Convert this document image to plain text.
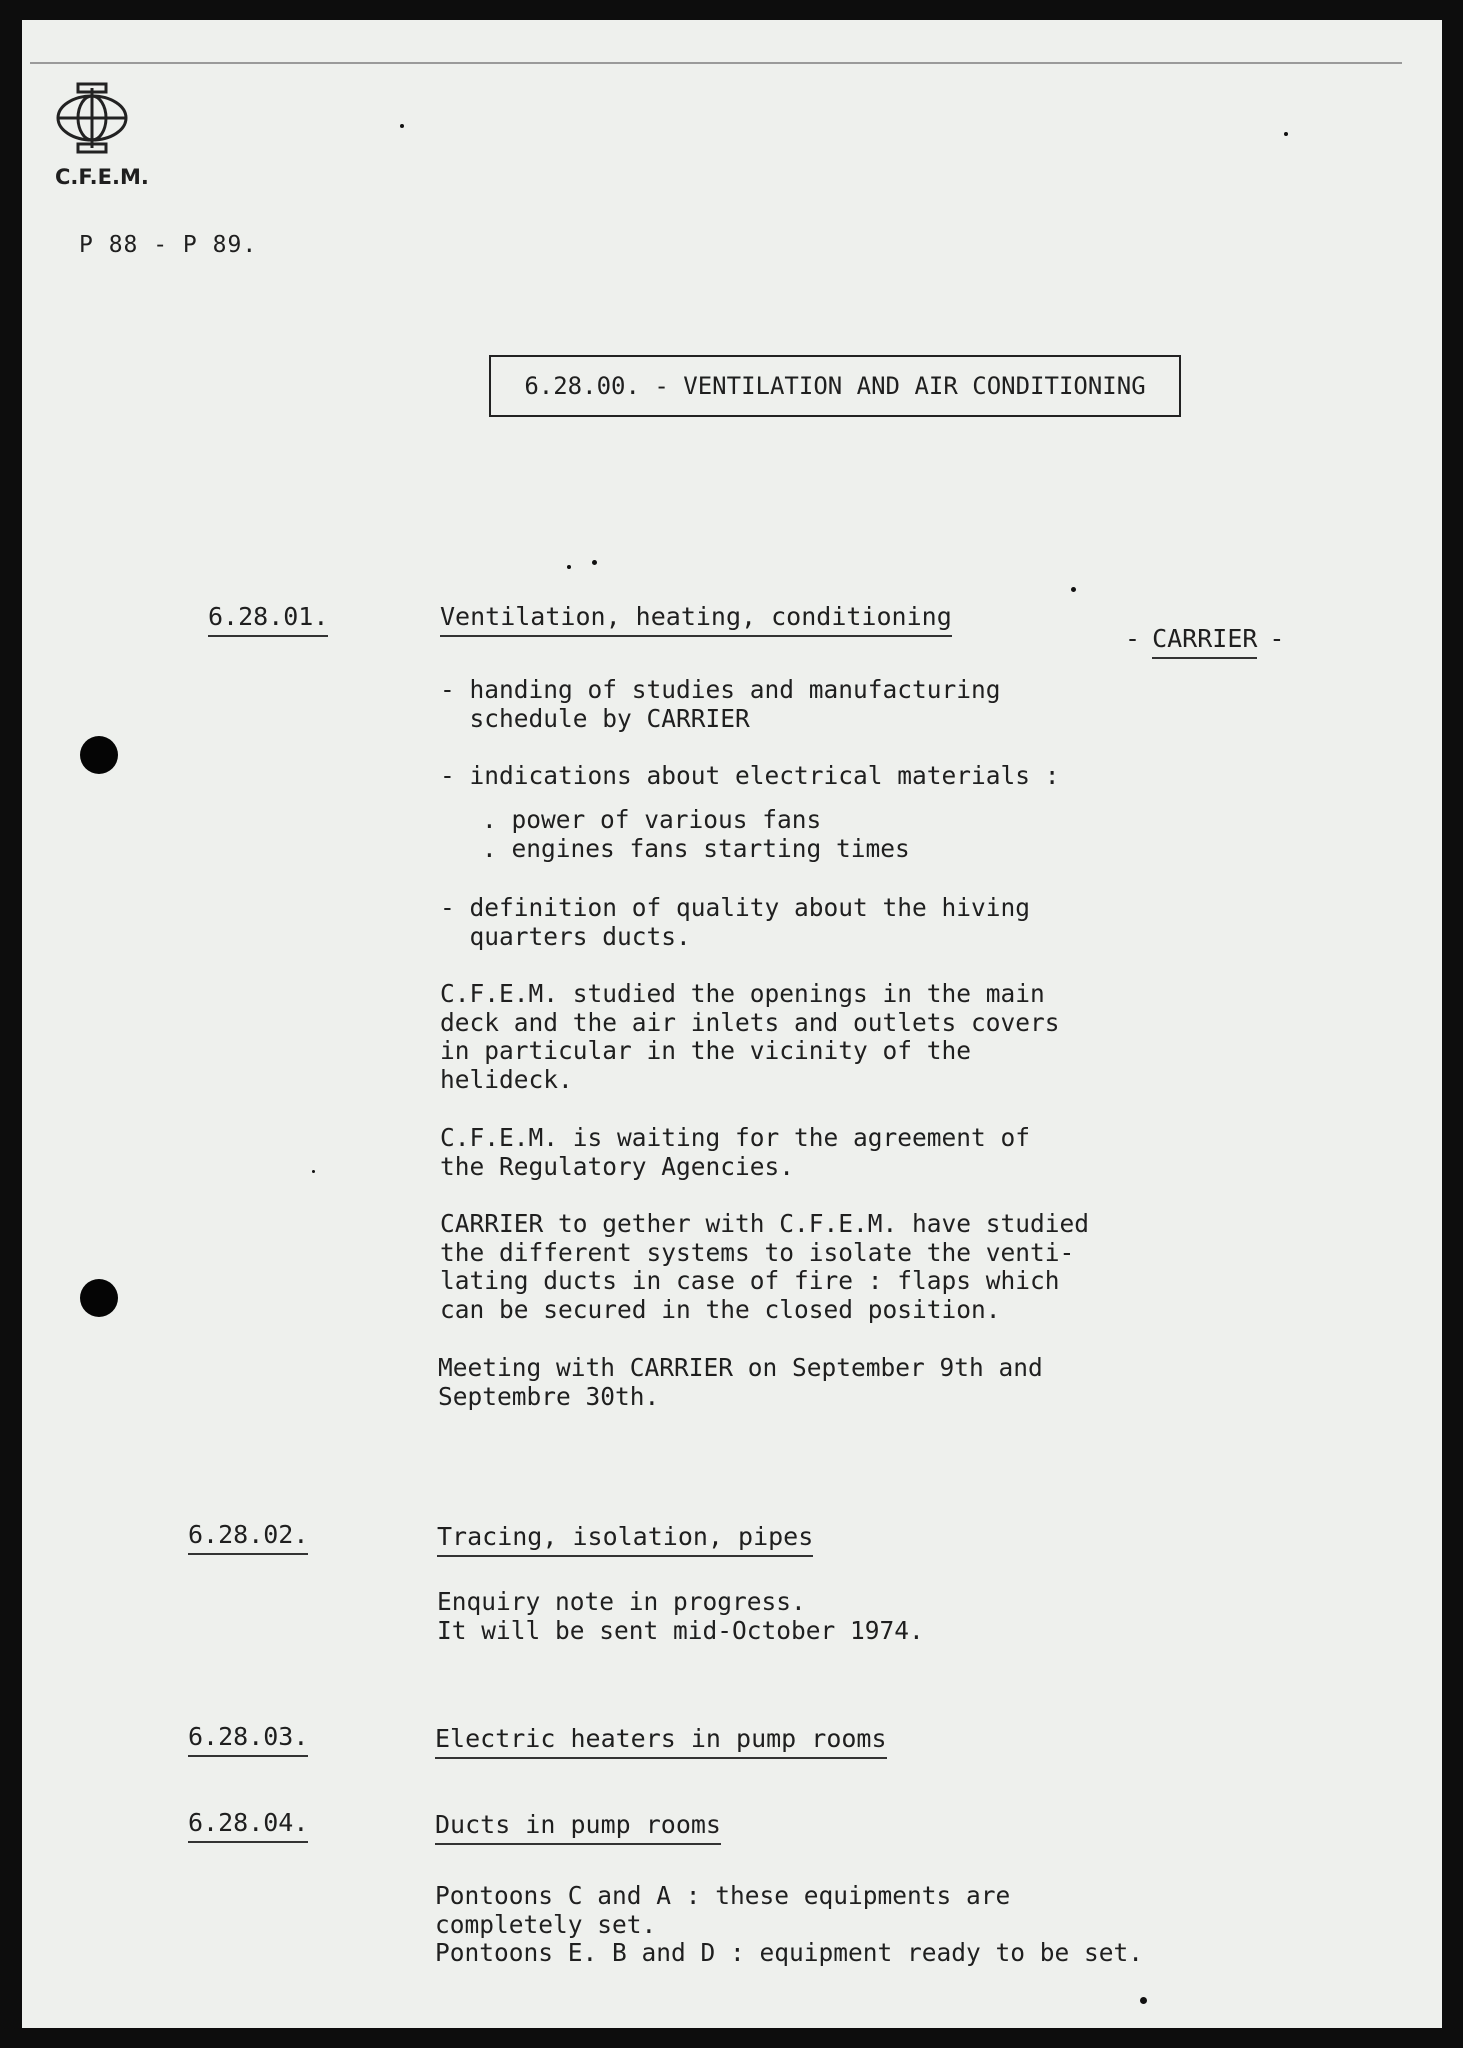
C.F.E.M.
P 88 - P 89.
6.28.00. - VENTILATION AND AIR CONDITIONING
6.28.01.	Ventilation, heating, conditioning
- CARRIER -
- handing of studies and manufacturing
schedule by CARRIER
- indications about electrical materials :
. power of various fans
. engines fans starting times
- definition of quality about the hiving
quarters ducts.
C.F.E.M. studied the openings in the main
deck and the air inlets and outlets covers
in particular in the vicinity of the
helideck.
C.F.E.M. is waiting for the agreement of
the Regulatory Agencies.
CARRIER to gether with C.F.E.M. have studied
the different systems to isolate the venti-
lating ducts in case of fire : flaps which
can be secured in the closed position.
Meeting with CARRIER on September 9th and
Septembre 30th.
6.28.02.	Tracing, isolation, pipes
Enquiry note in progress.
It will be sent mid-October 1974.
6.28.03.	Electric heaters in pump rooms
6.28.04.	Ducts in pump rooms
Pontoons C and A : these equipments are
completely set.
Pontoons E. B and D : equipment ready to be set.
